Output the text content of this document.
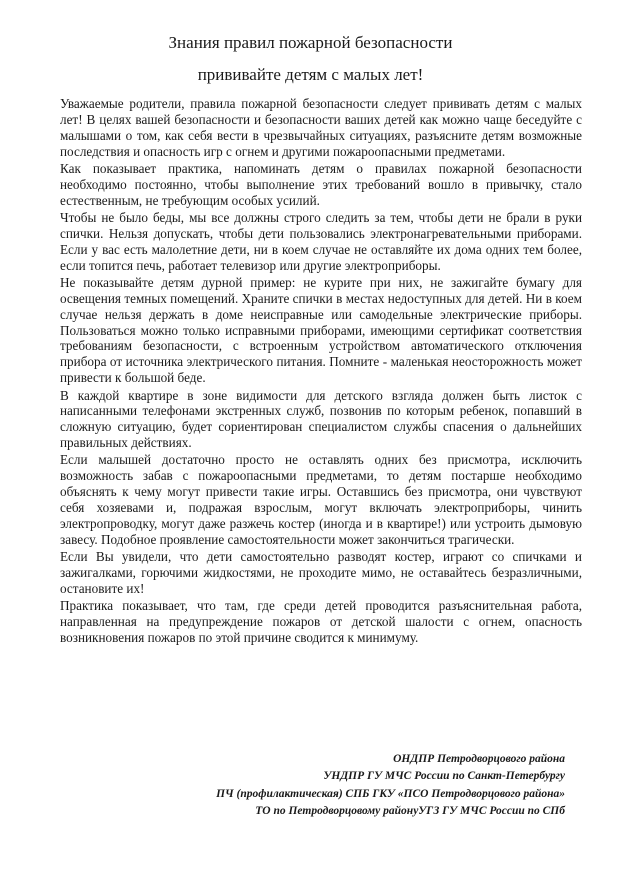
Знания правил пожарной безопасности
прививайте детям с малых лет!

Уважаемые родители, правила пожарной безопасности следует прививать детям с малых лет! В целях вашей безопасности и безопасности ваших детей как можно чаще беседуйте с малышами о том, как себя вести в чрезвычайных ситуациях, разъясните детям возможные последствия и опасность игр с огнем и другими пожароопасными предметами.

Как показывает практика, напоминать детям о правилах пожарной безопасности необходимо постоянно, чтобы выполнение этих требований вошло в привычку, стало естественным, не требующим особых усилий.

Чтобы не было беды, мы все должны строго следить за тем, чтобы дети не брали в руки спички. Нельзя допускать, чтобы дети пользовались электронагревательными приборами. Если у вас есть малолетние дети, ни в коем случае не оставляйте их дома одних тем более, если топится печь, работает телевизор или другие электроприборы.

Не показывайте детям дурной пример: не курите при них, не зажигайте бумагу для освещения темных помещений. Храните спички в местах недоступных для детей. Ни в коем случае нельзя держать в доме неисправные или самодельные электрические приборы. Пользоваться можно только исправными приборами, имеющими сертификат соответствия требованиям безопасности, с встроенным устройством автоматического отключения прибора от источника электрического питания. Помните - маленькая неосторожность может привести к большой беде.

В каждой квартире в зоне видимости для детского взгляда должен быть листок с написанными телефонами экстренных служб, позвонив по которым ребенок, попавший в сложную ситуацию, будет сориентирован специалистом службы спасения о дальнейших правильных действиях.

Если малышей достаточно просто не оставлять одних без присмотра, исключить возможность забав с пожароопасными предметами, то детям постарше необходимо объяснять к чему могут привести такие игры. Оставшись без присмотра, они чувствуют себя хозяевами и, подражая взрослым, могут включать электроприборы, чинить электропроводку, могут даже разжечь костер (иногда и в квартире!) или устроить дымовую завесу. Подобное проявление самостоятельности может закончиться трагически.

Если Вы увидели, что дети самостоятельно разводят костер, играют со спичками и зажигалками, горючими жидкостями, не проходите мимо, не оставайтесь безразличными, остановите их!

Практика показывает, что там, где среди детей проводится разъяснительная работа, направленная на предупреждение пожаров от детской шалости с огнем, опасность возникновения пожаров по этой причине сводится к минимуму.

ОНДПР Петродворцового района
УНДПР ГУ МЧС России по Санкт-Петербургу
ПЧ (профилактическая) СПБ ГКУ «ПСО Петродворцового района»
ТО по Петродворцовому районуУГЗ ГУ МЧС России по СПб
